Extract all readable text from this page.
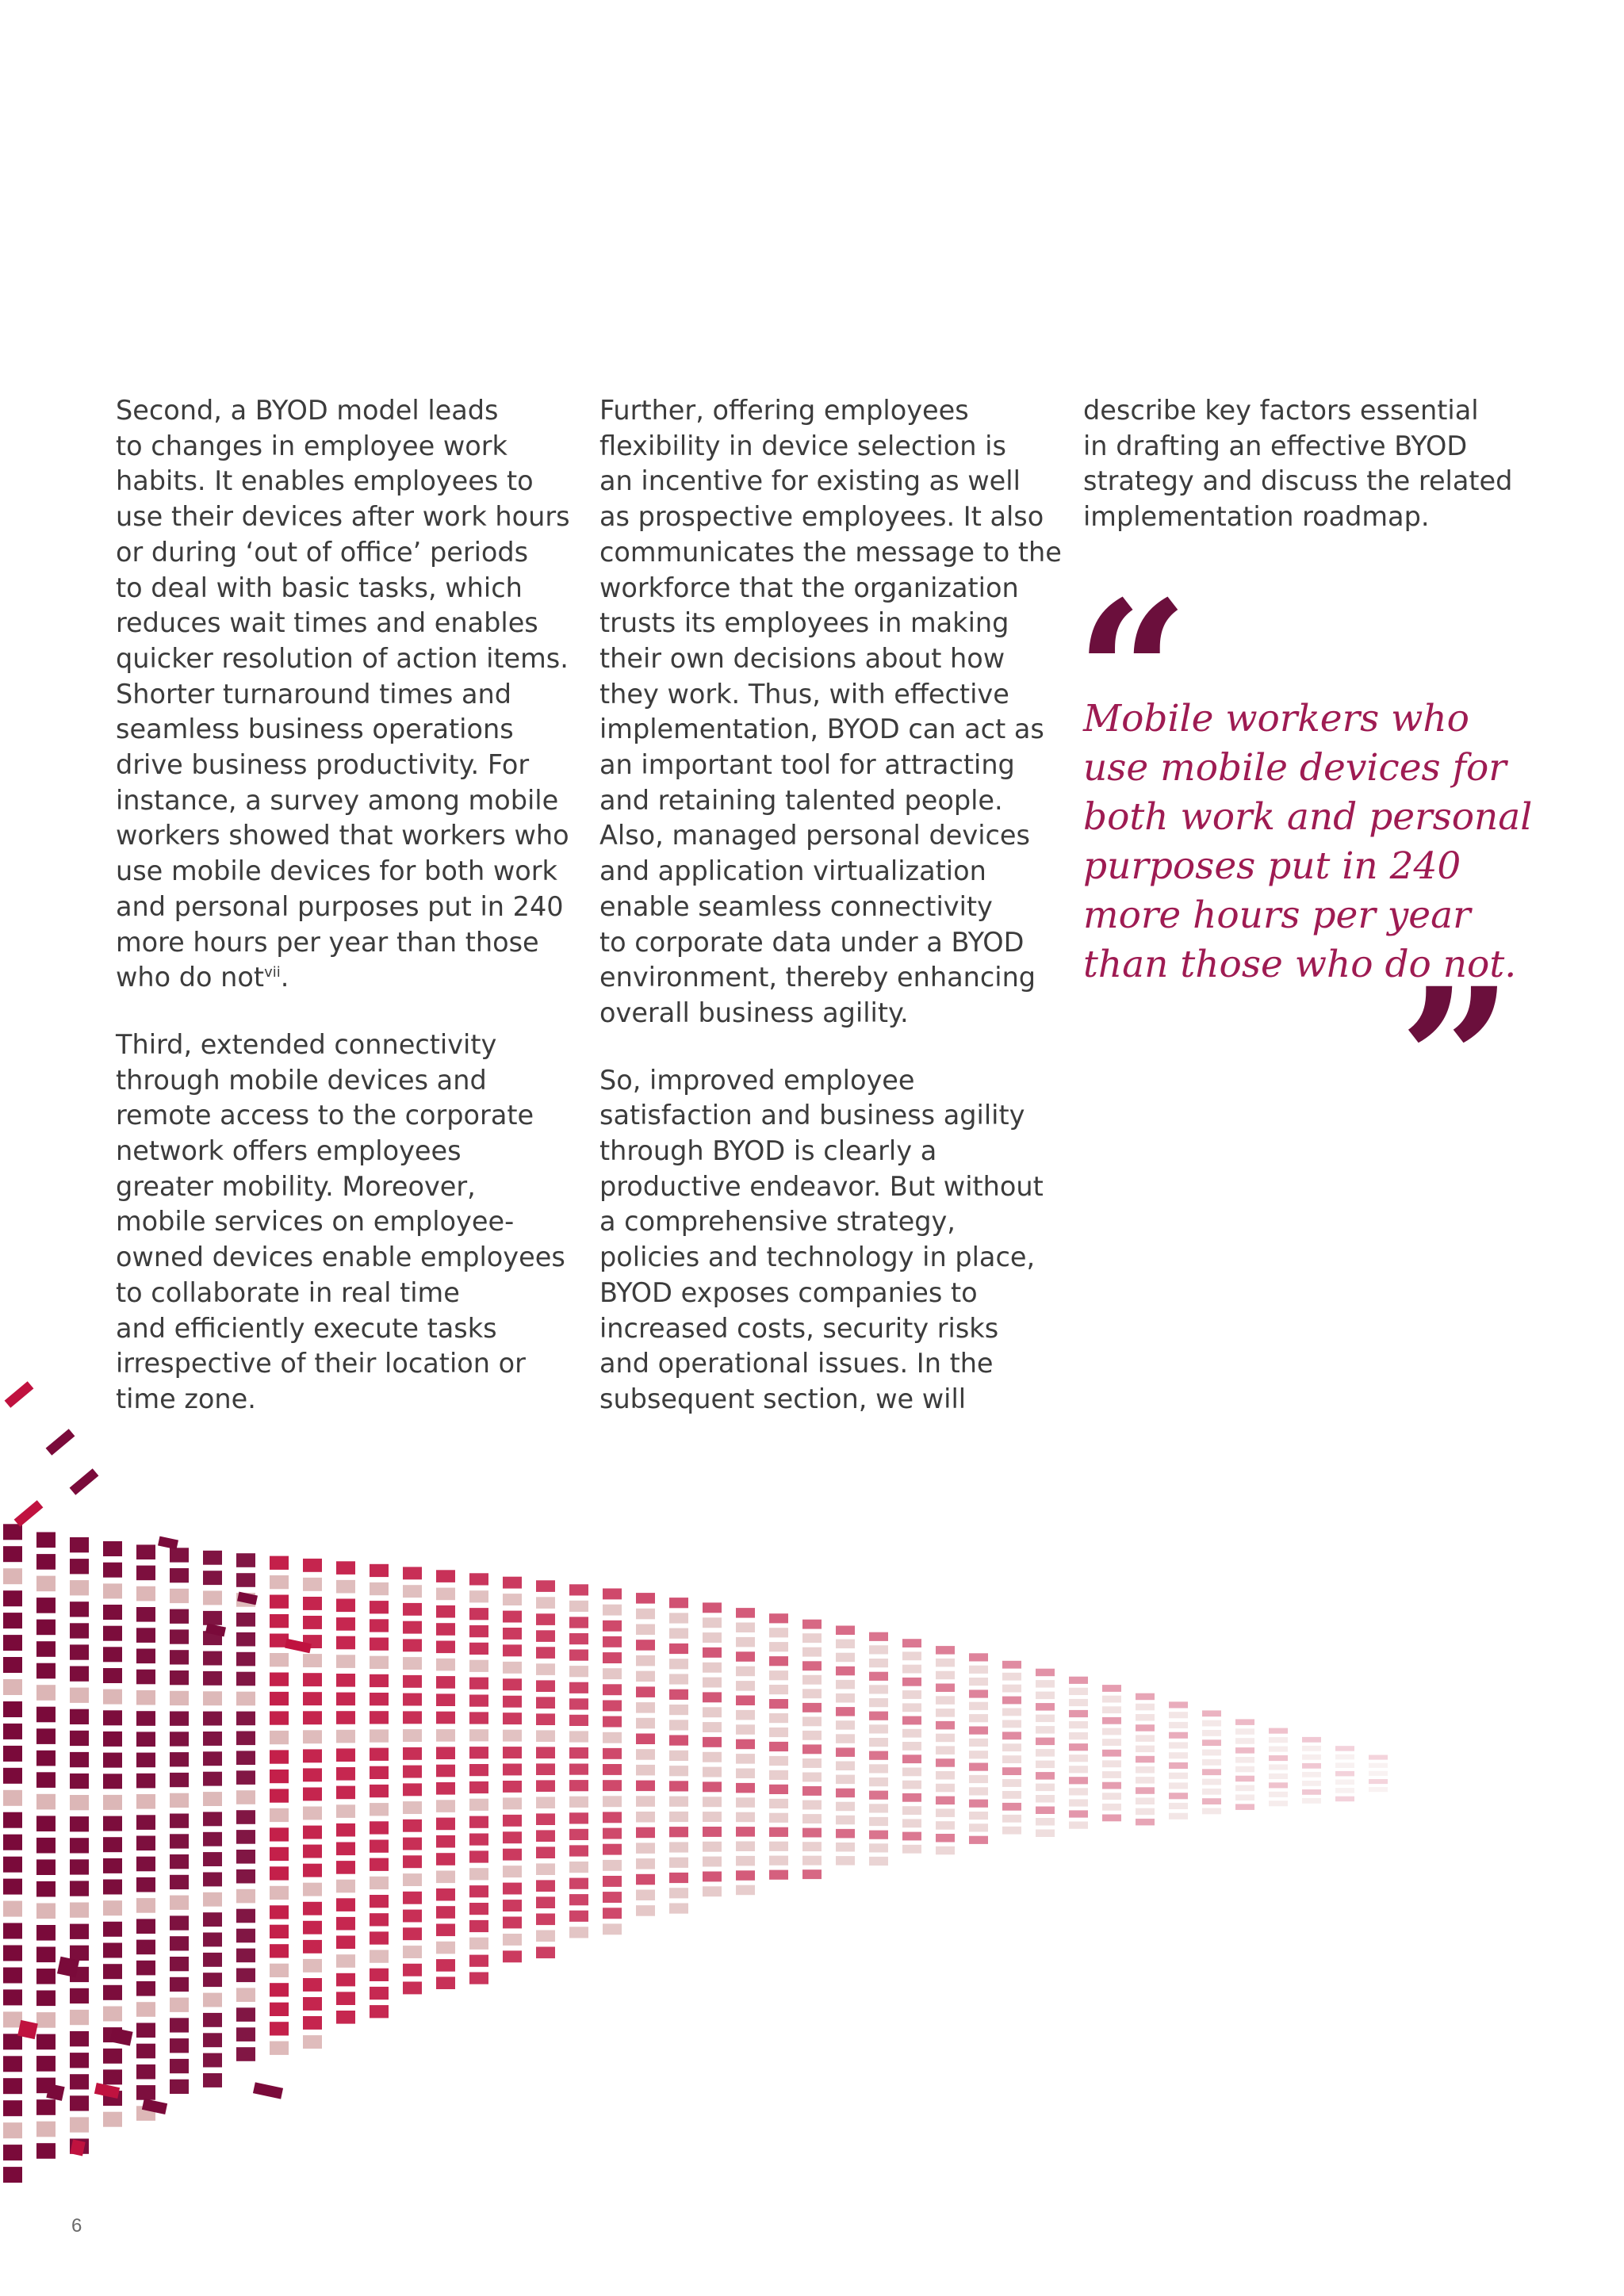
Second, a BYOD model leads
to changes in employee work
habits. It enables employees to
use their devices after work hours
or during ‘out of office’ periods
to deal with basic tasks, which
reduces wait times and enables
quicker resolution of action items.
Shorter turnaround times and
seamless business operations
drive business productivity. For
instance, a survey among mobile
workers showed that workers who
use mobile devices for both work
and personal purposes put in 240
more hours per year than those
who do not$^{vii}$.

Third, extended connectivity
through mobile devices and
remote access to the corporate
network offers employees
greater mobility. Moreover,
mobile services on employee-
owned devices enable employees
to collaborate in real time
and efficiently execute tasks
irrespective of their location or
time zone.

Further, offering employees
flexibility in device selection is
an incentive for existing as well
as prospective employees. It also
communicates the message to the
workforce that the organization
trusts its employees in making
their own decisions about how
they work. Thus, with effective
implementation, BYOD can act as
an important tool for attracting
and retaining talented people.
Also, managed personal devices
and application virtualization
enable seamless connectivity
to corporate data under a BYOD
environment, thereby enhancing
overall business agility.

So, improved employee
satisfaction and business agility
through BYOD is clearly a
productive endeavor. But without
a comprehensive strategy,
policies and technology in place,
BYOD exposes companies to
increased costs, security risks
and operational issues. In the
subsequent section, we will

describe key factors essential
in drafting an effective BYOD
strategy and discuss the related
implementation roadmap.

“
Mobile workers who
use mobile devices for
both work and personal
purposes put in 240
more hours per year
than those who do not.
”
6
